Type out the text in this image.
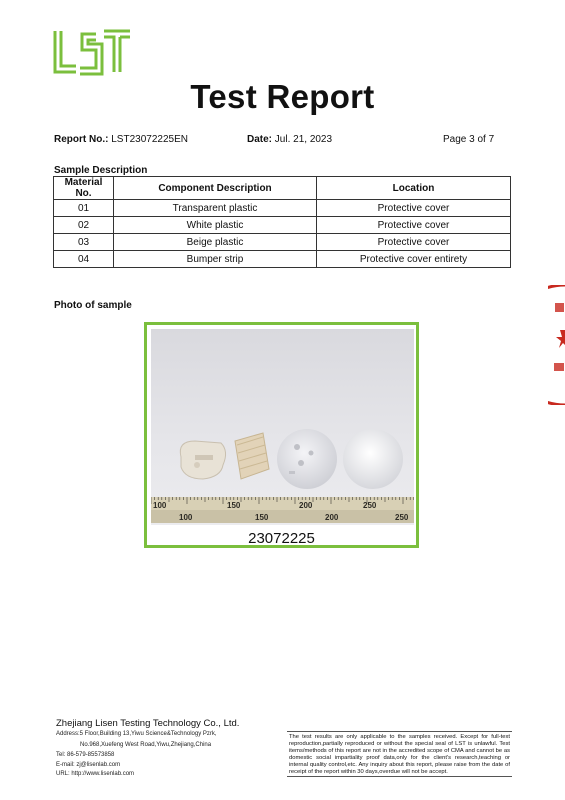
LST
Test Report
Report No.: LST23072225EN	Date: Jul. 21, 2023	Page 3 of 7
Sample Description
Material No.	Component Description	Location
01	Transparent plastic	Protective cover
02	White plastic	Protective cover
03	Beige plastic	Protective cover
04	Bumper strip	Protective cover entirety
Photo of sample
100	150	200	250
100	150	200	250
23072225
Zhejiang Lisen Testing Technology Co., Ltd.
Address:5 Floor,Building 13,Yiwu Science&Technology Pzrk,
No.968,Xuefeng West Road,Yiwu,Zhejiang,China
Tel: 86-579-85573858
E-mail: zj@lisenlab.com
URL: http://www.lisenlab.com
The test results are only applicable to the samples received. Except for full-text reproduction,partially reproduced or without the special seal of LST is unlawful. Test items/methods of this report are not in the accredited scope of CMA and cannot be as domestic social impartiality proof data,only for the client's research,teaching or internal quality control,etc. Any inquiry about this report, please raise from the date of receipt of the report within 30 days,overdue will not be accept.
